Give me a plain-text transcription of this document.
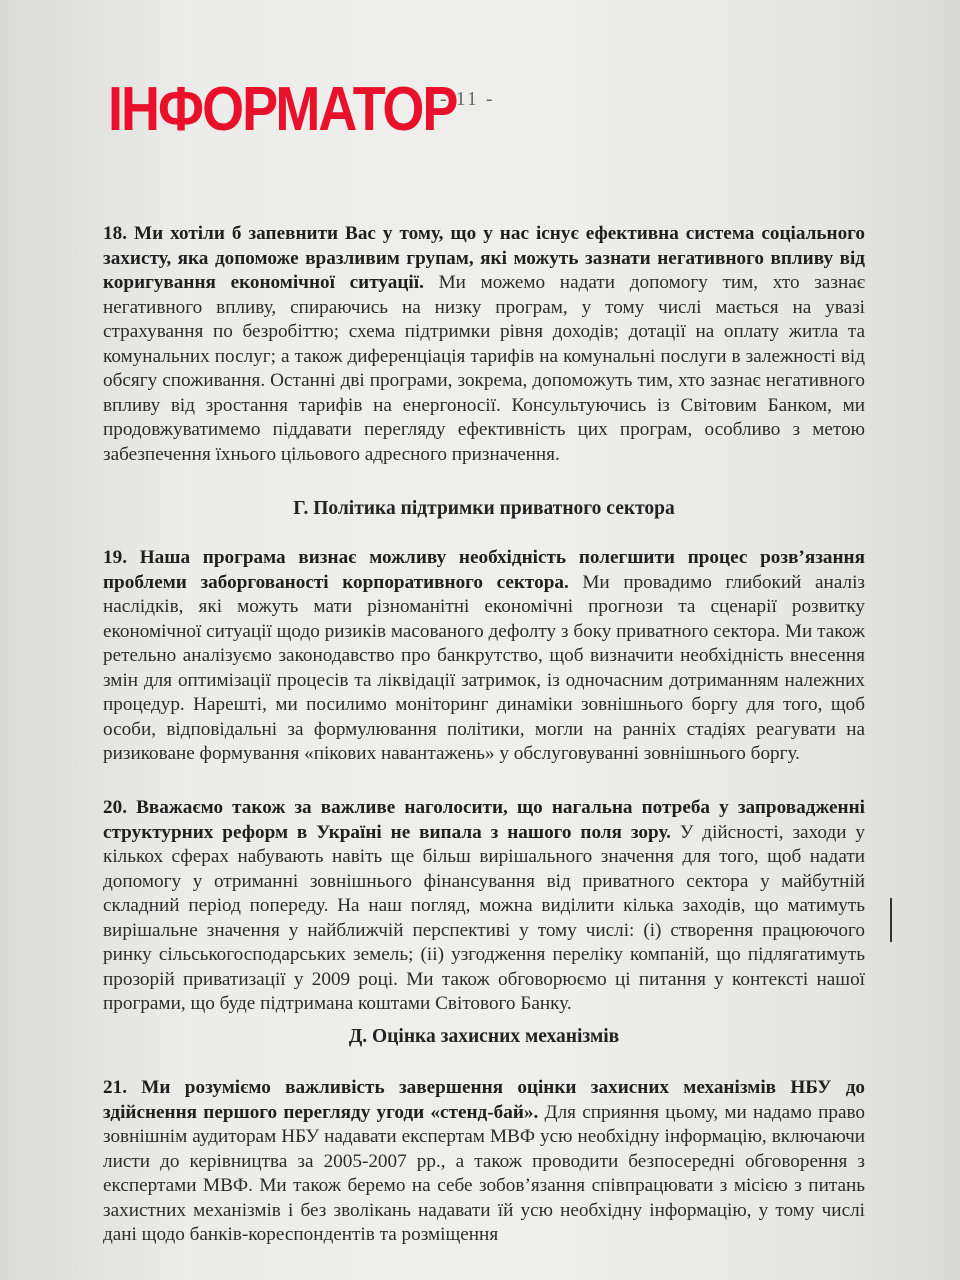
ІНФОРМАТОР
- 11 -
18. Ми хотіли б запевнити Вас у тому, що у нас існує ефективна система соціального захисту, яка допоможе вразливим групам, які можуть зазнати негативного впливу від коригування економічної ситуації. Ми можемо надати допомогу тим, хто зазнає негативного впливу, спираючись на низку програм, у тому числі мається на увазі страхування по безробіттю; схема підтримки рівня доходів; дотації на оплату житла та комунальних послуг; а також диференціація тарифів на комунальні послуги в залежності від обсягу споживання. Останні дві програми, зокрема, допоможуть тим, хто зазнає негативного впливу від зростання тарифів на енергоносії. Консультуючись із Світовим Банком, ми продовжуватимемо піддавати перегляду ефективність цих програм, особливо з метою забезпечення їхнього цільового адресного призначення.
Г. Політика підтримки приватного сектора
19. Наша програма визнає можливу необхідність полегшити процес розв’язання проблеми заборгованості корпоративного сектора. Ми провадимо глибокий аналіз наслідків, які можуть мати різноманітні економічні прогнози та сценарії розвитку економічної ситуації щодо ризиків масованого дефолту з боку приватного сектора. Ми також ретельно аналізуємо законодавство про банкрутство, щоб визначити необхідність внесення змін для оптимізації процесів та ліквідації затримок, із одночасним дотриманням належних процедур. Нарешті, ми посилимо моніторинг динаміки зовнішнього боргу для того, щоб особи, відповідальні за формулювання політики, могли на ранніх стадіях реагувати на ризиковане формування «пікових навантажень» у обслуговуванні зовнішнього боргу.
20. Вважаємо також за важливе наголосити, що нагальна потреба у запровадженні структурних реформ в Україні не випала з нашого поля зору. У дійсності, заходи у кількох сферах набувають навіть ще більш вирішального значення для того, щоб надати допомогу у отриманні зовнішнього фінансування від приватного сектора у майбутній складний період попереду. На наш погляд, можна виділити кілька заходів, що матимуть вирішальне значення у найближчій перспективі у тому числі: (і) створення працюючого ринку сільськогосподарських земель; (іі) узгодження переліку компаній, що підлягатимуть прозорій приватизації у 2009 році. Ми також обговорюємо ці питання у контексті нашої програми, що буде підтримана коштами Світового Банку.
Д. Оцінка захисних механізмів
21. Ми розуміємо важливість завершення оцінки захисних механізмів НБУ до здійснення першого перегляду угоди «стенд-бай». Для сприяння цьому, ми надамо право зовнішнім аудиторам НБУ надавати експертам МВФ усю необхідну інформацію, включаючи листи до керівництва за 2005-2007 рр., а також проводити безпосередні обговорення з експертами МВФ. Ми також беремо на себе зобов’язання співпрацювати з місією з питань захистних механізмів і без зволікань надавати їй усю необхідну інформацію, у тому числі дані щодо банків-кореспондентів та розміщення
